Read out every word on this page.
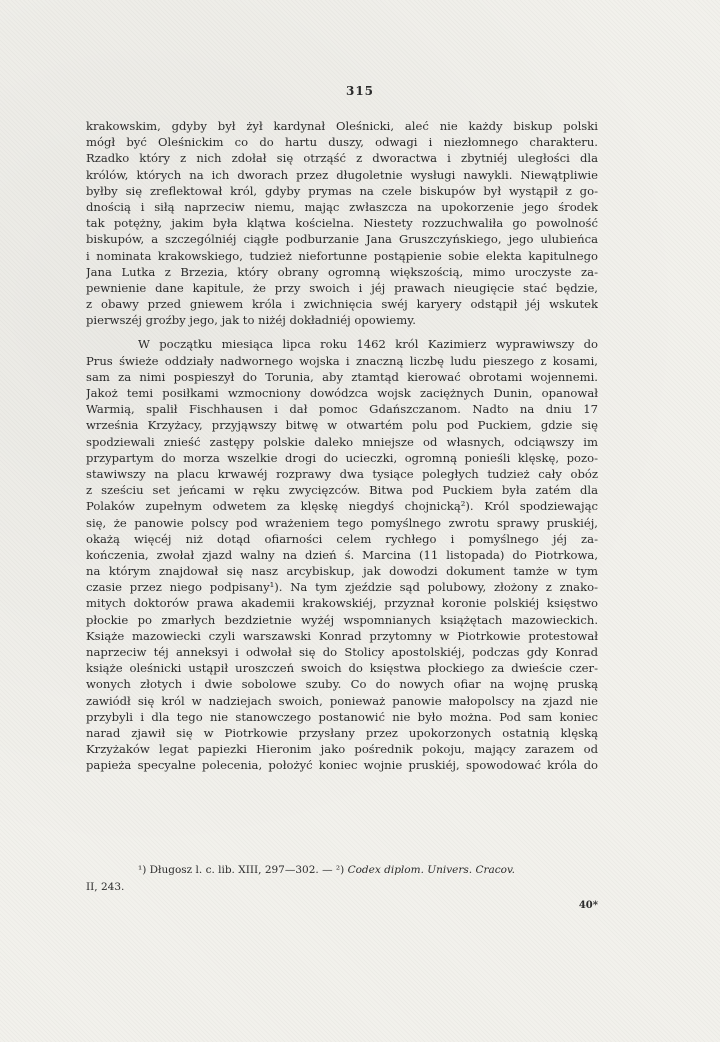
315
krakowskim, gdyby był żył kardynał Oleśnicki, aleć nie każdy biskup polski
mógł być Oleśnickim co do hartu duszy, odwagi i niezłomnego charakteru.
Rzadko który z nich zdołał się otrząść z dworactwa i zbytniéj uległości dla
królów, których na ich dworach przez długoletnie wysługi nawykli. Niewątpliwie
byłby się zreflektował król, gdyby prymas na czele biskupów był wystąpił z go-
dnością i siłą naprzeciw niemu, mając zwłaszcza na upokorzenie jego środek
tak potężny, jakim była klątwa kościelna. Niestety rozzuchwaliła go powolność
biskupów, a szczególniéj ciągłe podburzanie Jana Gruszczyńskiego, jego ulubieńca
i nominata krakowskiego, tudzież niefortunne postąpienie sobie elekta kapitulnego
Jana Lutka z Brzezia, który obrany ogromną większością, mimo uroczyste za-
pewnienie dane kapitule, że przy swoich i jéj prawach nieugięcie stać będzie,
z obawy przed gniewem króla i zwichnięcia swéj karyery odstąpił jéj wskutek
pierwszéj groźby jego, jak to niżéj dokładniéj opowiemy.
W początku miesiąca lipca roku 1462 król Kazimierz wyprawiwszy do
Prus świeże oddziały nadwornego wojska i znaczną liczbę ludu pieszego z kosami,
sam za nimi pospieszył do Torunia, aby ztamtąd kierować obrotami wojennemi.
Jakoż temi posiłkami wzmocniony dowódzca wojsk zaciężnych Dunin, opanował
Warmią, spalił Fischhausen i dał pomoc Gdańszczanom. Nadto na dniu 17
września Krzyżacy, przyjąwszy bitwę w otwartém polu pod Puckiem, gdzie się
spodziewali znieść zastępy polskie daleko mniejsze od własnych, odciąwszy im
przypartym do morza wszelkie drogi do ucieczki, ogromną ponieśli klęskę, pozo-
stawiwszy na placu krwawéj rozprawy dwa tysiące poległych tudzież cały obóz
z sześciu set jeńcami w ręku zwycięzców. Bitwa pod Puckiem była zatém dla
Polaków zupełnym odwetem za klęskę niegdyś chojnicką²). Król spodziewając
się, że panowie polscy pod wrażeniem tego pomyślnego zwrotu sprawy pruskiéj,
okażą więcéj niż dotąd ofiarności celem rychłego i pomyślnego jéj za-
kończenia, zwołał zjazd walny na dzień ś. Marcina (11 listopada) do Piotrkowa,
na którym znajdował się nasz arcybiskup, jak dowodzi dokument tamże w tym
czasie przez niego podpisany¹). Na tym zjeździe sąd polubowy, złożony z znako-
mitych doktorów prawa akademii krakowskiéj, przyznał koronie polskiéj księstwo
płockie po zmarłych bezdzietnie wyżéj wspomnianych książętach mazowieckich.
Książe mazowiecki czyli warszawski Konrad przytomny w Piotrkowie protestował
naprzeciw téj anneksyi i odwołał się do Stolicy apostolskiéj, podczas gdy Konrad
książe oleśnicki ustąpił uroszczeń swoich do księstwa płockiego za dwieście czer-
wonych złotych i dwie sobolowe szuby. Co do nowych ofiar na wojnę pruską
zawiódł się król w nadziejach swoich, ponieważ panowie małopolscy na zjazd nie
przybyli i dla tego nie stanowczego postanowić nie było można. Pod sam koniec
narad zjawił się w Piotrkowie przysłany przez upokorzonych ostatnią klęską
Krzyżaków legat papiezki Hieronim jako pośrednik pokoju, mający zarazem od
papieża specyalne polecenia, położyć koniec wojnie pruskiéj, spowodować króla do
¹) Długosz l. c. lib. XIII, 297—302. — ²) Codex diplom. Univers. Cracov.
II, 243.
40*
